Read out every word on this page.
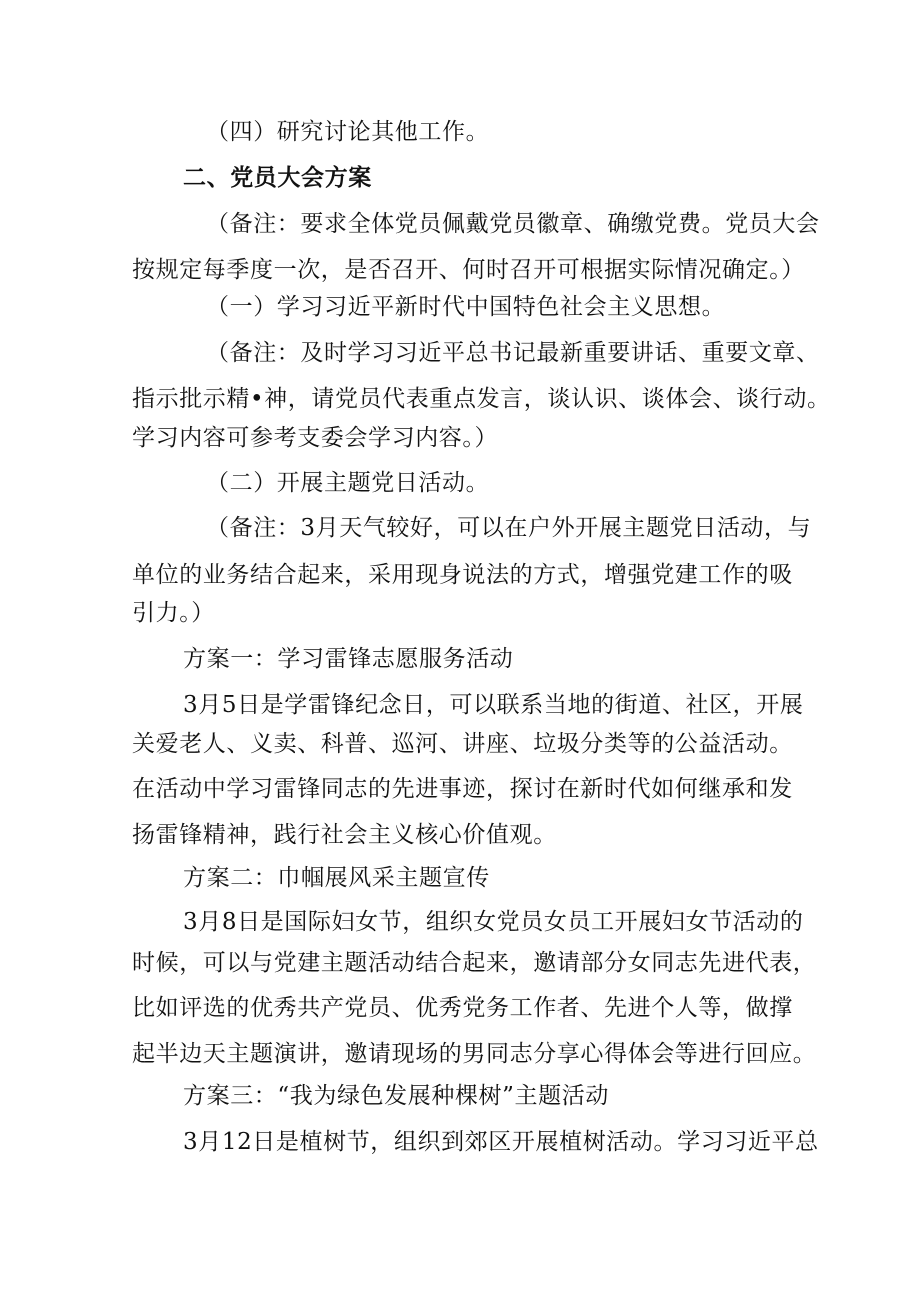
（四）研究讨论其他工作。
二、党员大会方案
（备注：要求全体党员佩戴党员徽章、确缴党费。党员大会
按规定每季度一次，是否召开、何时召开可根据实际情况确定。）
（一）学习习近平新时代中国特色社会主义思想。
（备注：及时学习习近平总书记最新重要讲话、重要文章、
指示批示精•神，请党员代表重点发言，谈认识、谈体会、谈行动。
学习内容可参考支委会学习内容。）
（二）开展主题党日活动。
（备注：3月天气较好，可以在户外开展主题党日活动，与
单位的业务结合起来，采用现身说法的方式，增强党建工作的吸
引力。）
方案一：学习雷锋志愿服务活动
3月5日是学雷锋纪念日，可以联系当地的街道、社区，开展
关爱老人、义卖、科普、巡河、讲座、垃圾分类等的公益活动。
在活动中学习雷锋同志的先进事迹，探讨在新时代如何继承和发
扬雷锋精神，践行社会主义核心价值观。
方案二：巾帼展风采主题宣传
3月8日是国际妇女节，组织女党员女员工开展妇女节活动的
时候，可以与党建主题活动结合起来，邀请部分女同志先进代表，
比如评选的优秀共产党员、优秀党务工作者、先进个人等，做撑
起半边天主题演讲，邀请现场的男同志分享心得体会等进行回应。
方案三：“我为绿色发展种棵树”主题活动
3月12日是植树节，组织到郊区开展植树活动。学习习近平总
